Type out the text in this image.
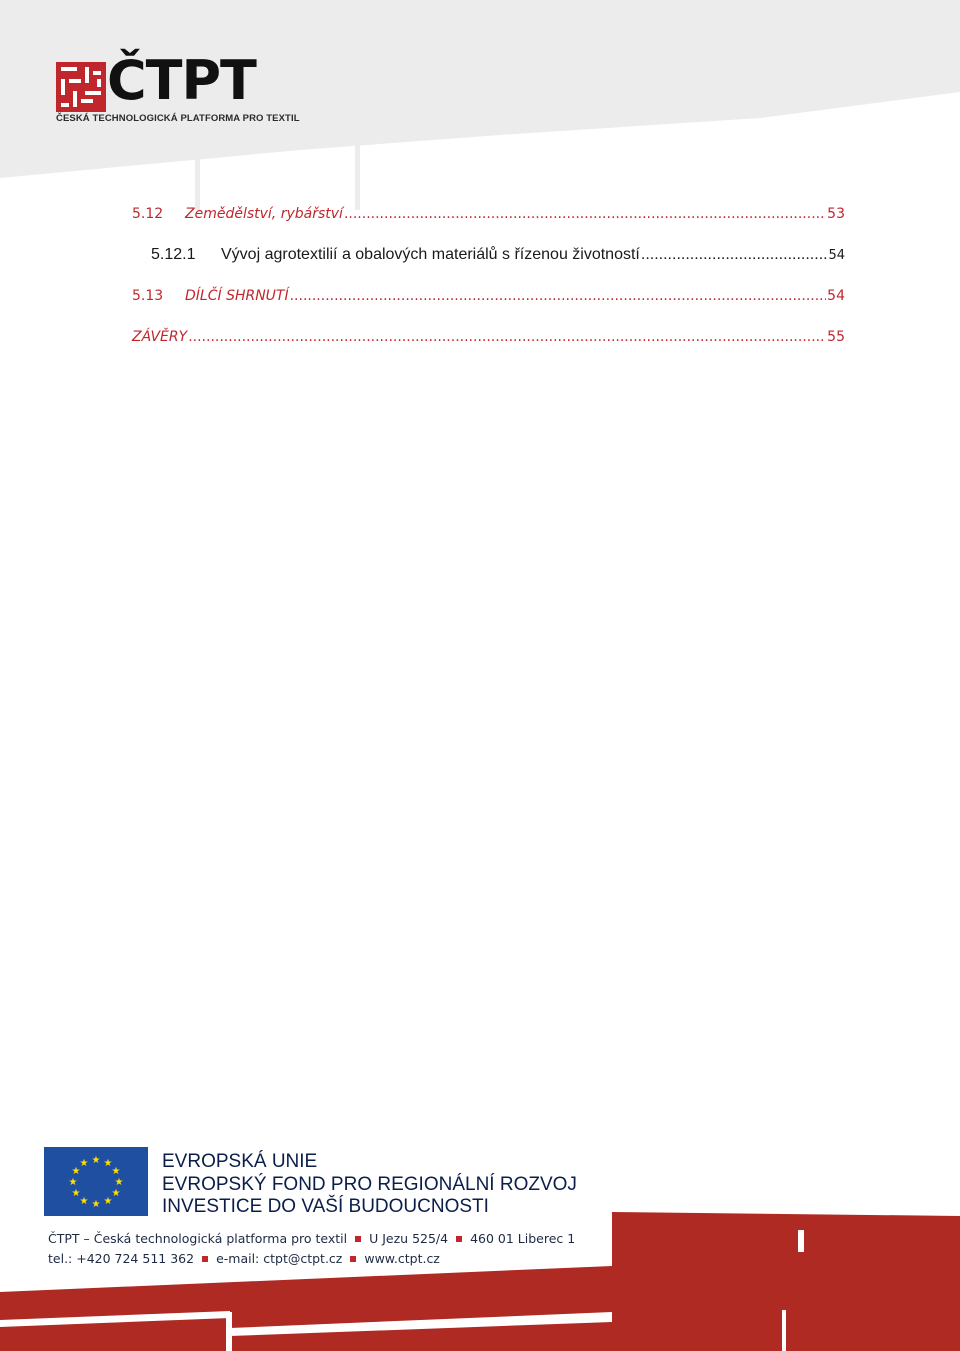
ČTPT
ČESKÁ TECHNOLOGICKÁ PLATFORMA PRO TEXTIL
5.12	Zemědělství, rybářství .....	53
5.12.1	Vývoj agrotextilií a obalových materiálů s řízenou životností .....	54
5.13	DÍLČÍ SHRNUTÍ .....	54
ZÁVĚRY .....	55
★ ★
★
★
★
★
★
★
★
★
★
★	EVROPSKÁ UNIE
EVROPSKÝ FOND PRO REGIONÁLNÍ ROZVOJ
INVESTICE DO VAŠÍ BUDOUCNOSTI
ČTPT – Česká technologická platforma pro textil U Jezu 525/4 460 01 Liberec 1
tel.: +420 724 511 362 e-mail: ctpt@ctpt.cz www.ctpt.cz
